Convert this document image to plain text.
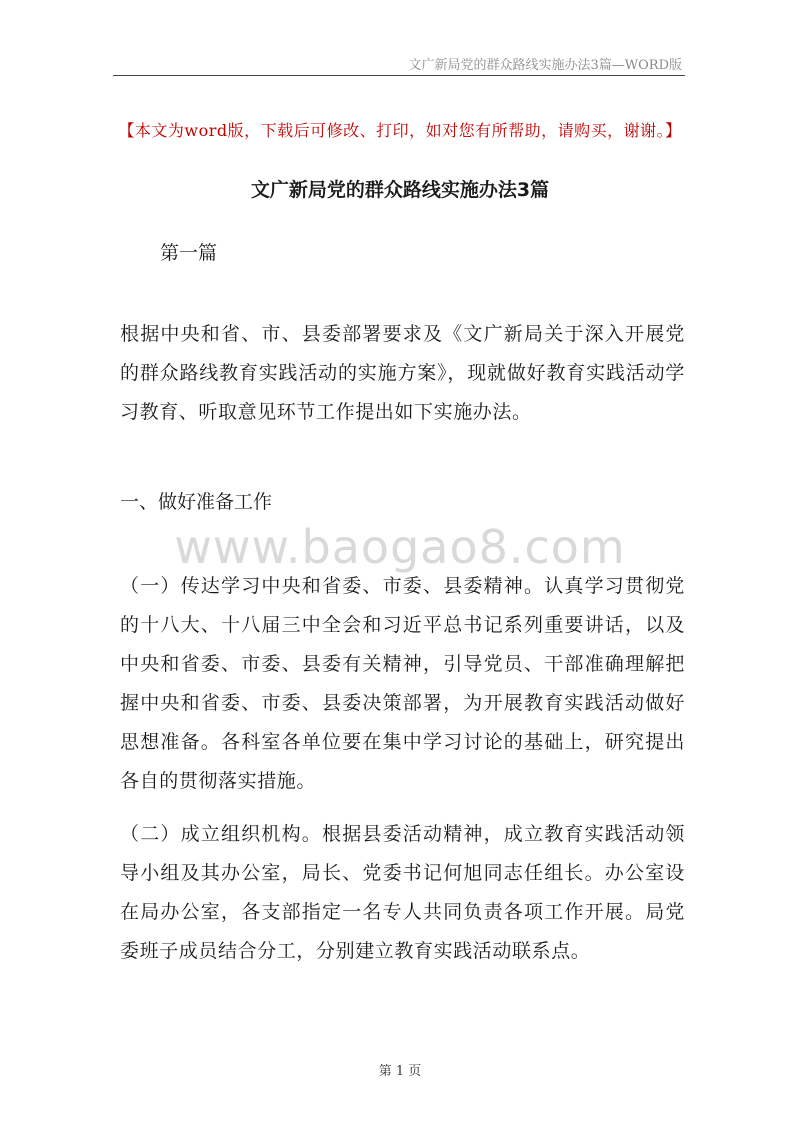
文广新局党的群众路线实施办法3篇—WORD版
【本文为word版，下载后可修改、打印，如对您有所帮助，请购买，谢谢。】
文广新局党的群众路线实施办法3篇
第一篇

根据中央和省、市、县委部署要求及《文广新局关于深入开展党的群众路线教育实践活动的实施方案》，现就做好教育实践活动学习教育、听取意见环节工作提出如下实施办法。

一、做好准备工作
www.baogao8.com

（一）传达学习中央和省委、市委、县委精神。认真学习贯彻党的十八大、十八届三中全会和习近平总书记系列重要讲话，以及中央和省委、市委、县委有关精神，引导党员、干部准确理解把握中央和省委、市委、县委决策部署，为开展教育实践活动做好思想准备。各科室各单位要在集中学习讨论的基础上，研究提出各自的贯彻落实措施。

（二）成立组织机构。根据县委活动精神，成立教育实践活动领导小组及其办公室，局长、党委书记何旭同志任组长。办公室设在局办公室，各支部指定一名专人共同负责各项工作开展。局党委班子成员结合分工，分别建立教育实践活动联系点。

第 1 页
